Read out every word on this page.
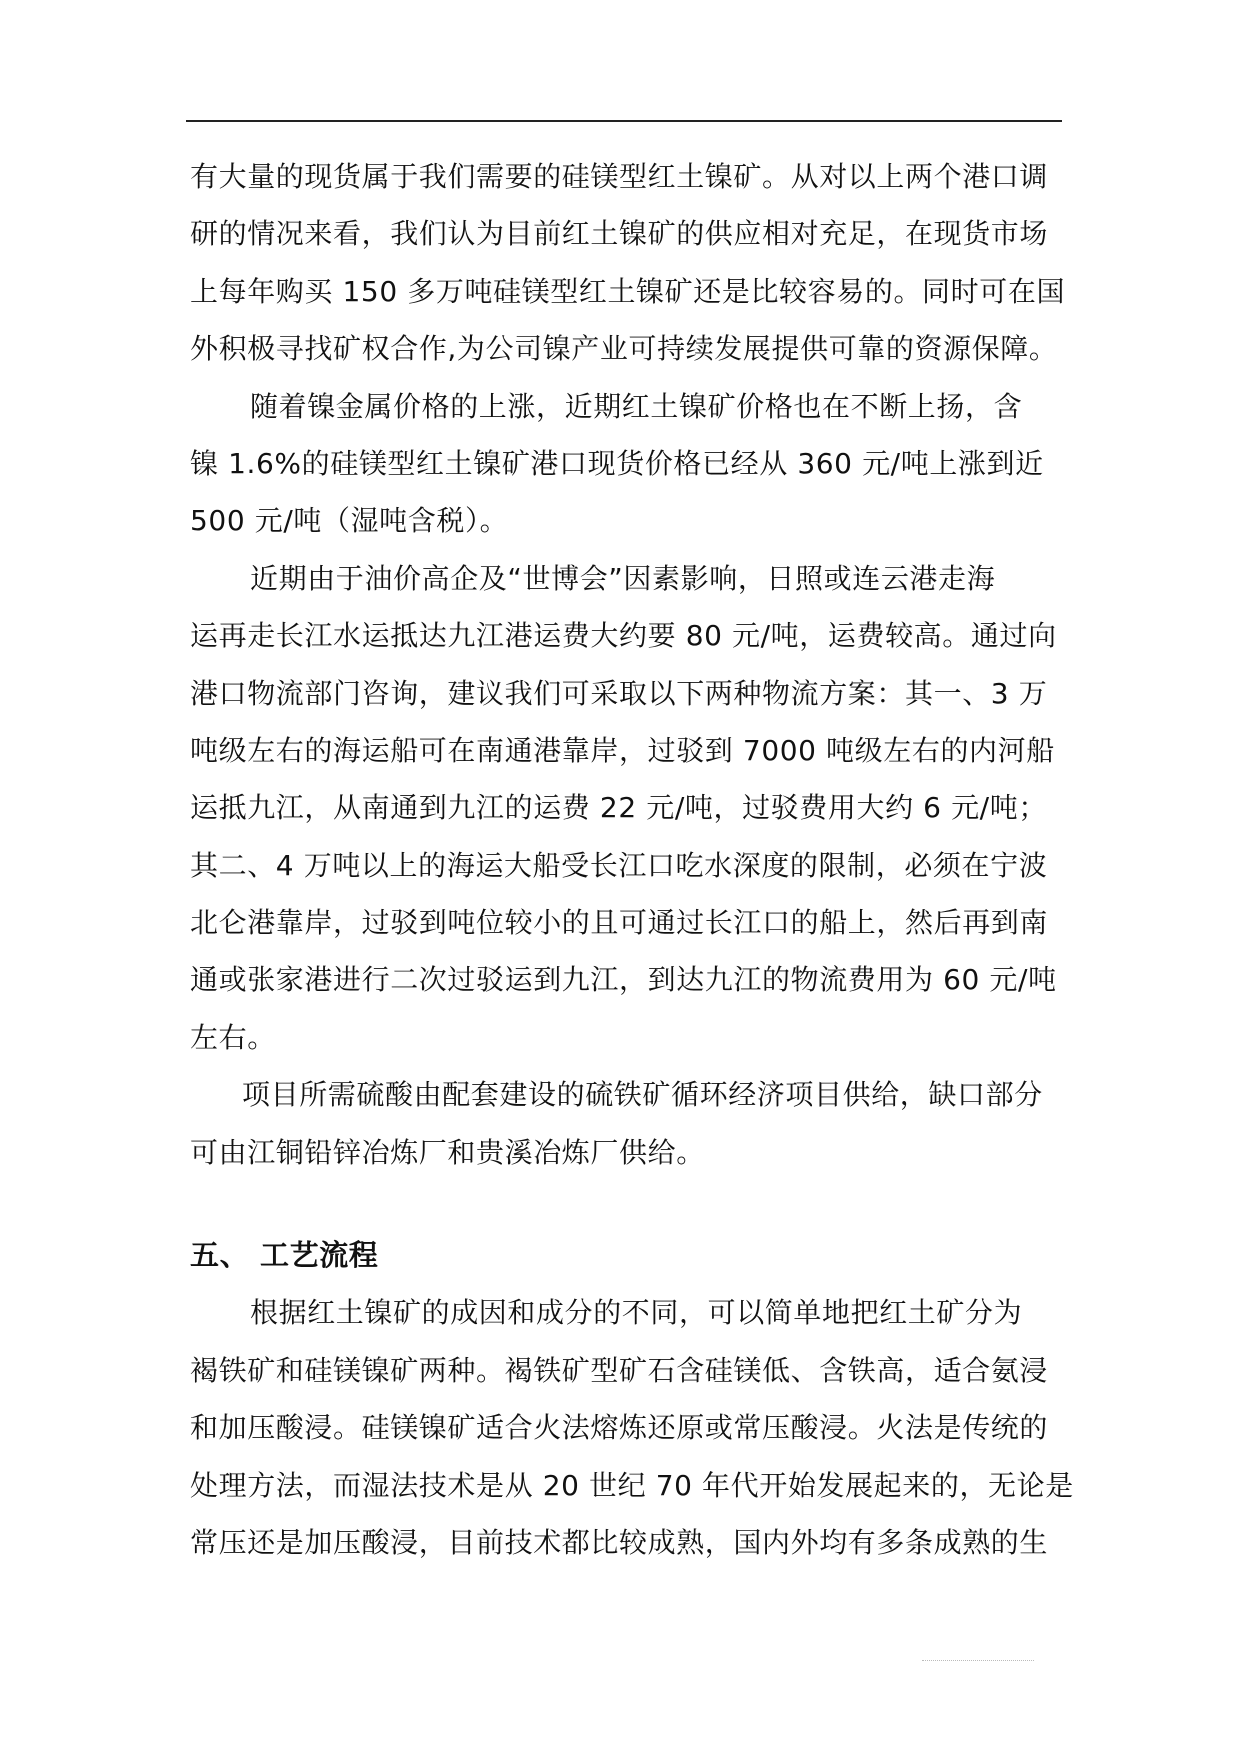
有大量的现货属于我们需要的硅镁型红土镍矿。从对以上两个港口调
研的情况来看，我们认为目前红土镍矿的供应相对充足，在现货市场
上每年购买 150 多万吨硅镁型红土镍矿还是比较容易的。同时可在国
外积极寻找矿权合作,为公司镍产业可持续发展提供可靠的资源保障。
随着镍金属价格的上涨，近期红土镍矿价格也在不断上扬，含
镍 1.6%的硅镁型红土镍矿港口现货价格已经从 360 元/吨上涨到近
500 元/吨（湿吨含税）。
近期由于油价高企及“世博会”因素影响，日照或连云港走海
运再走长江水运抵达九江港运费大约要 80 元/吨，运费较高。通过向
港口物流部门咨询，建议我们可采取以下两种物流方案：其一、3 万
吨级左右的海运船可在南通港靠岸，过驳到 7000 吨级左右的内河船
运抵九江，从南通到九江的运费 22 元/吨，过驳费用大约 6 元/吨；
其二、4 万吨以上的海运大船受长江口吃水深度的限制，必须在宁波
北仑港靠岸，过驳到吨位较小的且可通过长江口的船上，然后再到南
通或张家港进行二次过驳运到九江，到达九江的物流费用为 60 元/吨
左右。
项目所需硫酸由配套建设的硫铁矿循环经济项目供给，缺口部分
可由江铜铅锌冶炼厂和贵溪冶炼厂供给。
五、 工艺流程
根据红土镍矿的成因和成分的不同，可以简单地把红土矿分为
褐铁矿和硅镁镍矿两种。褐铁矿型矿石含硅镁低、含铁高，适合氨浸
和加压酸浸。硅镁镍矿适合火法熔炼还原或常压酸浸。火法是传统的
处理方法，而湿法技术是从 20 世纪 70 年代开始发展起来的，无论是
常压还是加压酸浸，目前技术都比较成熟，国内外均有多条成熟的生
